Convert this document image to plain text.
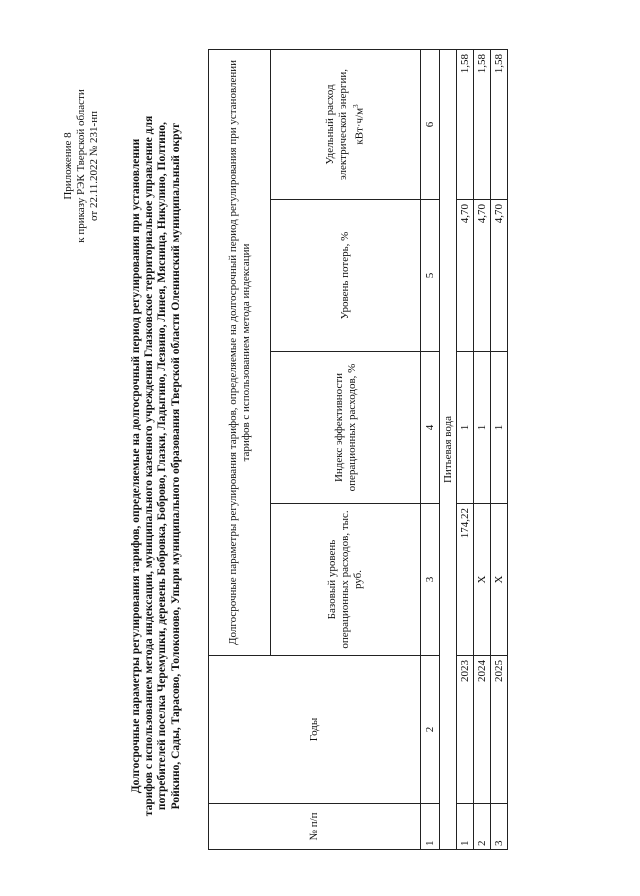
Приложение 8 к приказу РЭК Тверской области от 22.11.2022 № 231-нп	Долгосрочные параметры регулирования тарифов, определяемые на долгосрочный период регулирования при установлении тарифов с использованием метода индексации, муниципального казенного учреждения Глазковское территориальное управление для потребителей поселка Черемушки, деревень Бобровка, Боброво, Глазки, Ладыгино, Лезвино, Линея, Мясница, Никулино, Полтино, Ройкино, Сады, Тарасово, Толоконово, Упыри муниципального образования Тверской области Оленинский муниципальный округ
№ п/п	Годы	Долгосрочные параметры регулирования тарифов, определяемые на долгосрочный период регулирования при установлении тарифов с использованием метода индексации			
		Базовый уровень операционных расходов, тыс. руб.	Индекс эффективности операционных расходов, %	Уровень потерь, %	Удельный расход электрической энергии, $кВт\cdot ч/м^3$
1	2	3	4	5	6
Питьевая вода					
1	2023	174,22	1	4,70	1,58
2	2024	Х	1	4,70	1,58
3	2025	Х	1	4,70	1,58
